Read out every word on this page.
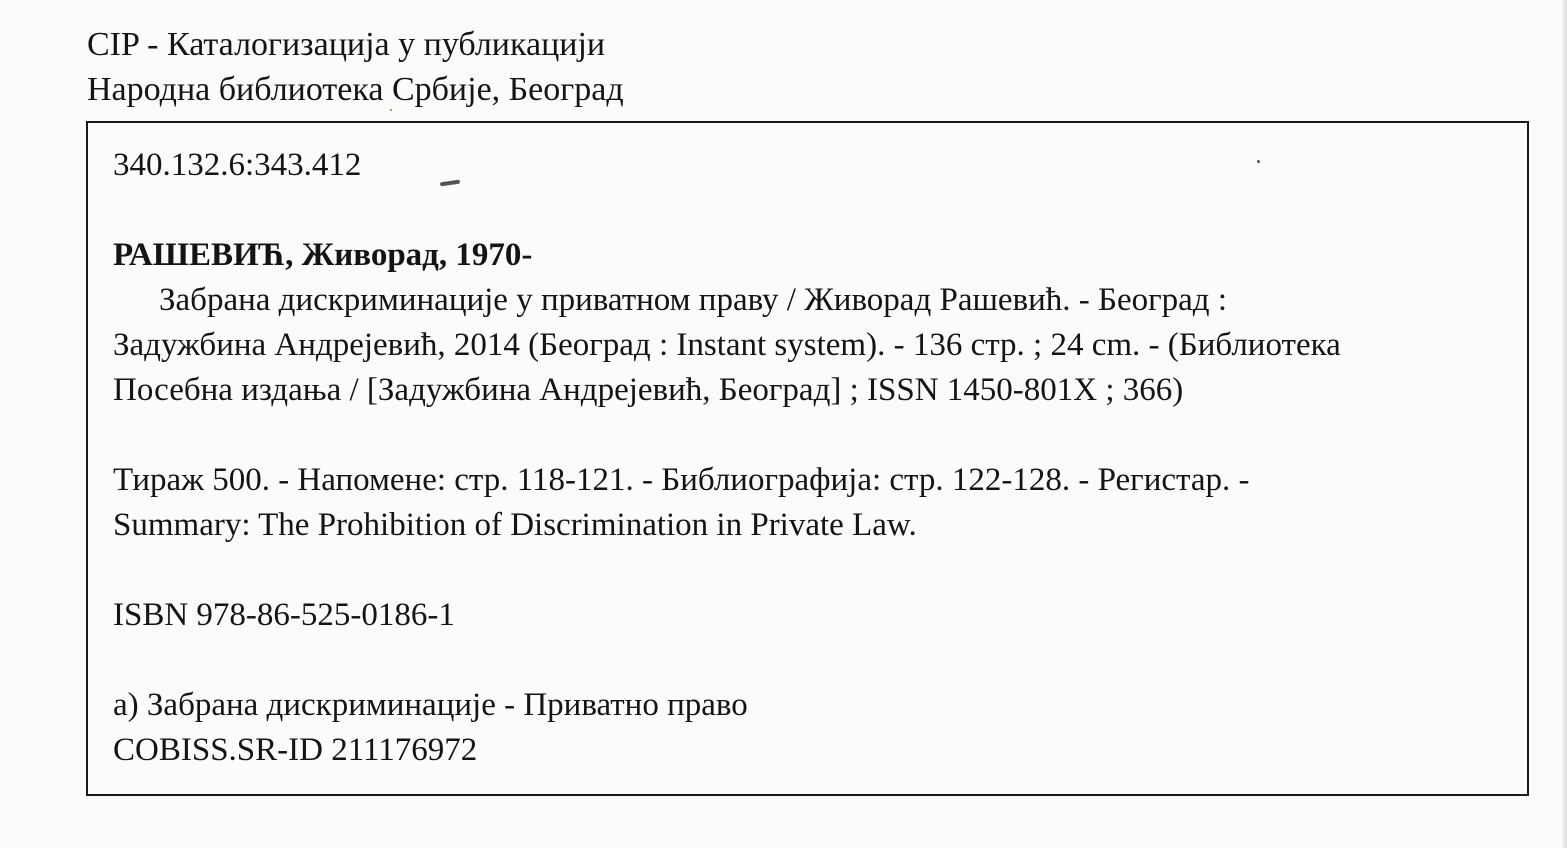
CIP - Каталогизација у публикацији
Народна библиотека Србије, Београд
340.132.6:343.412
РАШЕВИЋ, Живорад, 1970-
Забрана дискриминације у приватном праву / Живорад Рашевић. - Београд :
Задужбина Андрејевић, 2014 (Београд : Instant system). - 136 стр. ; 24 cm. - (Библиотека
Посебна издања / [Задужбина Андрејевић, Београд] ; ISSN 1450-801X ; 366)
Тираж 500. - Напомене: стр. 118-121. - Библиографија: стр. 122-128. - Регистар. -
Summary: The Prohibition of Discrimination in Private Law.
ISBN 978-86-525-0186-1
а) Забрана дискриминације - Приватно право
COBISS.SR-ID 211176972
